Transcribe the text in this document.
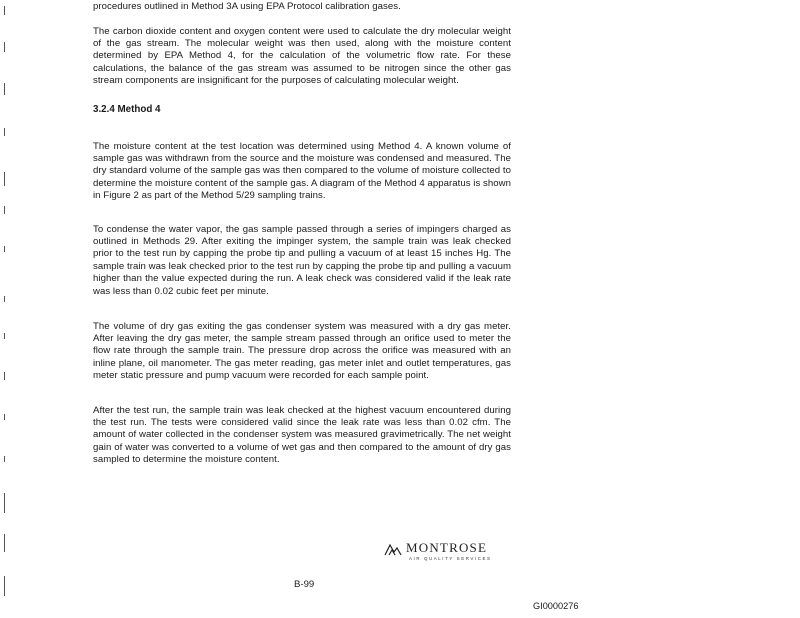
procedures outlined in Method 3A using EPA Protocol calibration gases.

The carbon dioxide content and oxygen content were used to calculate the dry molecular weight of the gas stream. The molecular weight was then used, along with the moisture content determined by EPA Method 4, for the calculation of the volumetric flow rate. For these calculations, the balance of the gas stream was assumed to be nitrogen since the other gas stream components are insignificant for the purposes of calculating molecular weight.

3.2.4 Method 4

The moisture content at the test location was determined using Method 4. A known volume of sample gas was withdrawn from the source and the moisture was condensed and measured. The dry standard volume of the sample gas was then compared to the volume of moisture collected to determine the moisture content of the sample gas. A diagram of the Method 4 apparatus is shown in Figure 2 as part of the Method 5/29 sampling trains.

To condense the water vapor, the gas sample passed through a series of impingers charged as outlined in Methods 29. After exiting the impinger system, the sample train was leak checked prior to the test run by capping the probe tip and pulling a vacuum of at least 15 inches Hg. The sample train was leak checked prior to the test run by capping the probe tip and pulling a vacuum higher than the value expected during the run. A leak check was considered valid if the leak rate was less than 0.02 cubic feet per minute.

The volume of dry gas exiting the gas condenser system was measured with a dry gas meter. After leaving the dry gas meter, the sample stream passed through an orifice used to meter the flow rate through the sample train. The pressure drop across the orifice was measured with an inline plane, oil manometer. The gas meter reading, gas meter inlet and outlet temperatures, gas meter static pressure and pump vacuum were recorded for each sample point.

After the test run, the sample train was leak checked at the highest vacuum encountered during the test run. The tests were considered valid since the leak rate was less than 0.02 cfm. The amount of water collected in the condenser system was measured gravimetrically. The net weight gain of water was converted to a volume of wet gas and then compared to the amount of dry gas sampled to determine the moisture content.

MONTROSE
AIR QUALITY SERVICES
B-99
GI0000276
